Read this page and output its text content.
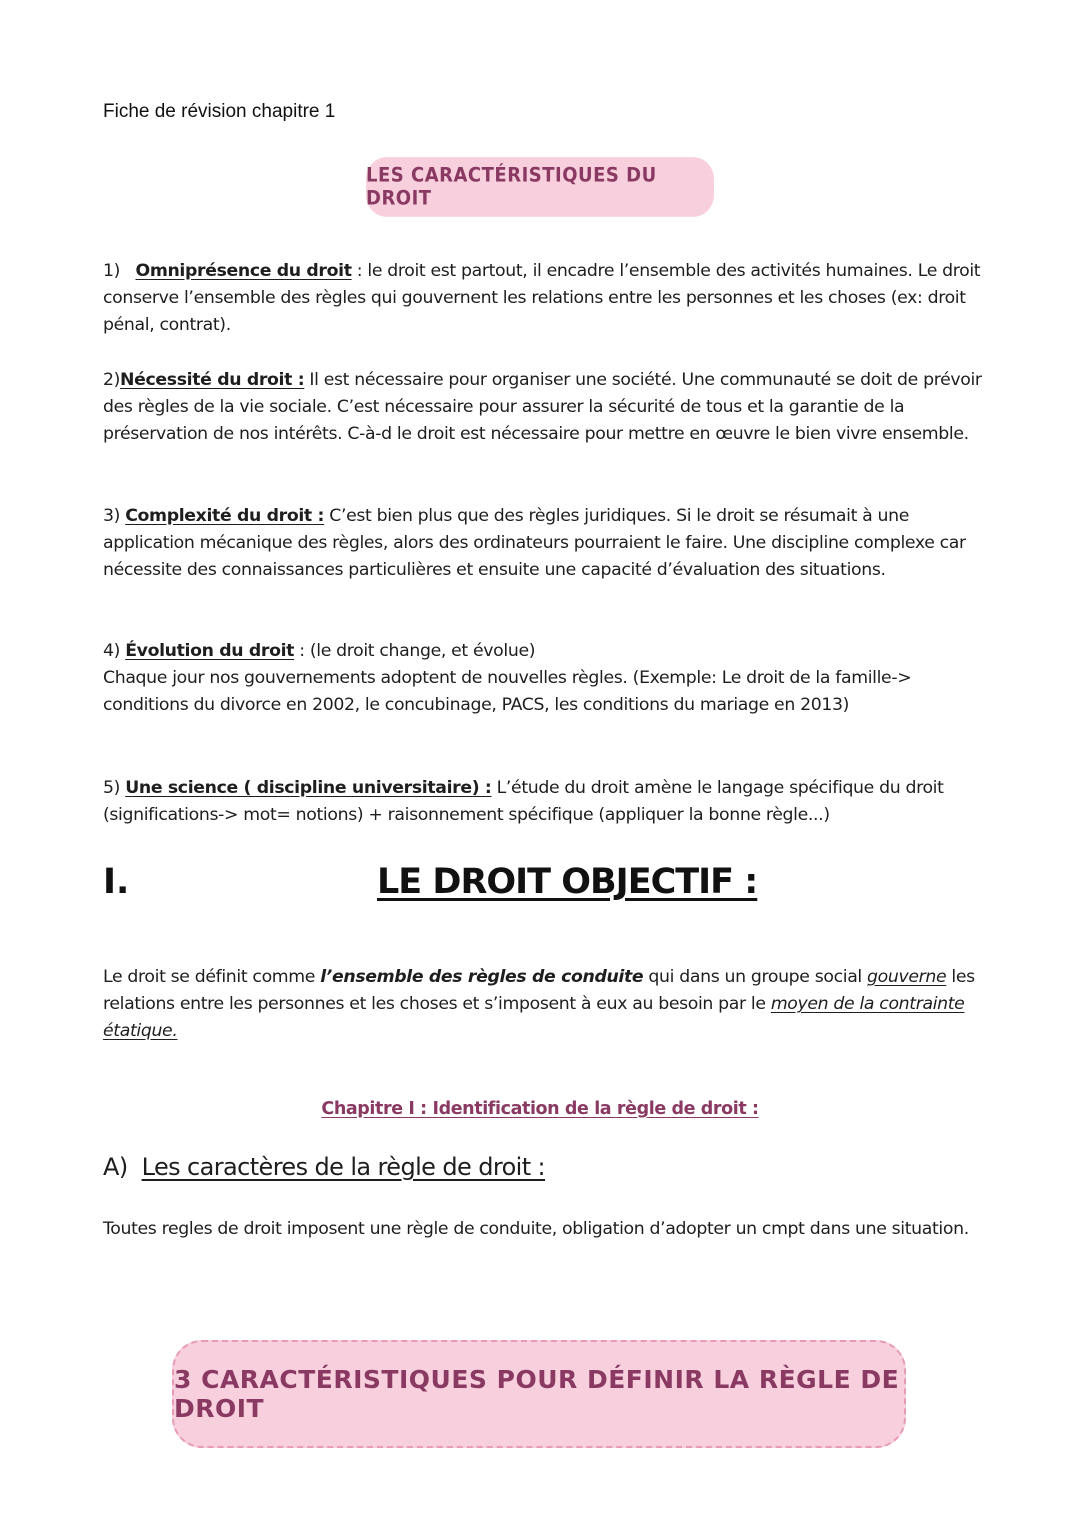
Fiche de révision chapitre 1
LES CARACTÉRISTIQUES DU DROIT
1) Omniprésence du droit : le droit est partout, il encadre l’ensemble des activités humaines. Le droit conserve l’ensemble des règles qui gouvernent les relations entre les personnes et les choses (ex: droit pénal, contrat).
2)Nécessité du droit : Il est nécessaire pour organiser une société. Une communauté se doit de prévoir des règles de la vie sociale. C’est nécessaire pour assurer la sécurité de tous et la garantie de la préservation de nos intérêts. C-à-d le droit est nécessaire pour mettre en œuvre le bien vivre ensemble.
3) Complexité du droit : C’est bien plus que des règles juridiques. Si le droit se résumait à une application mécanique des règles, alors des ordinateurs pourraient le faire. Une discipline complexe car nécessite des connaissances particulières et ensuite une capacité d’évaluation des situations.
4) Évolution du droit : (le droit change, et évolue)
Chaque jour nos gouvernements adoptent de nouvelles règles. (Exemple: Le droit de la famille-> conditions du divorce en 2002, le concubinage, PACS, les conditions du mariage en 2013)
5) Une science ( discipline universitaire) : L’étude du droit amène le langage spécifique du droit (significations-> mot= notions) + raisonnement spécifique (appliquer la bonne règle...)
I.	LE DROIT OBJECTIF :
Le droit se définit comme l’ensemble des règles de conduite qui dans un groupe social gouverne les relations entre les personnes et les choses et s’imposent à eux au besoin par le moyen de la contrainte étatique.
Chapitre I : Identification de la règle de droit :
A) Les caractères de la règle de droit :
Toutes regles de droit imposent une règle de conduite, obligation d’adopter un cmpt dans une situation.
3 CARACTÉRISTIQUES POUR DÉFINIR LA RÈGLE DE DROIT
